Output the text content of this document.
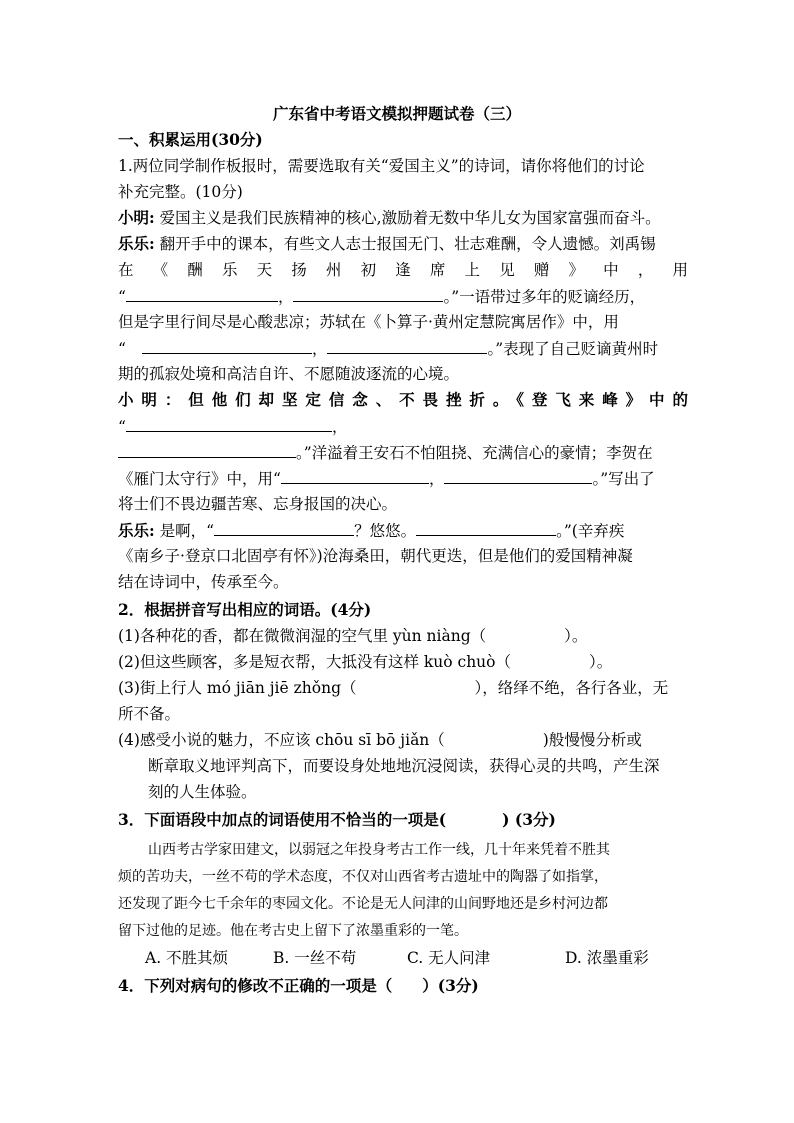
广东省中考语文模拟押题试卷（三）
一、积累运用(30分)
1.两位同学制作板报时，需要选取有关“爱国主义”的诗词，请你将他们的讨论
补充完整。(10分)
小明: 爱国主义是我们民族精神的核心,激励着无数中华儿女为国家富强而奋斗。
乐乐: 翻开手中的课本，有些文人志士报国无门、壮志难酬，令人遗憾。刘禹锡
在《酬乐天扬州初逢席上见赠》中，用
“	，	。”一语带过多年的贬谪经历，
但是字里行间尽是心酸悲凉；苏轼在《卜算子·黄州定慧院寓居作》中，用
“	，	。”表现了自己贬谪黄州时
期的孤寂处境和高洁自许、不愿随波逐流的心境。
小明：但他们却坚定信念、不畏挫折。《登飞来峰》中的
“	，
。”洋溢着王安石不怕阻挠、充满信心的豪情；李贺在
《雁门太守行》中，用“	，	。”写出了
将士们不畏边疆苦寒、忘身报国的决心。
乐乐: 是啊，“	？悠悠。	。”(辛弃疾
《南乡子·登京口北固亭有怀》)沧海桑田，朝代更迭，但是他们的爱国精神凝
结在诗词中，传承至今。
2．根据拼音写出相应的词语。(4分)
(1)各种花的香，都在微微润湿的空气里 yùn niàng（	）。
(2)但这些顾客，多是短衣帮，大抵没有这样 kuò chuò（	）。
(3)街上行人 mó jiān jiē zhǒng（	），络绎不绝，各行各业，无
所不备。
(4)感受小说的魅力，不应该 chōu sī bō jiǎn（	)般慢慢分析或
断章取义地评判高下，而要设身处地地沉浸阅读，获得心灵的共鸣，产生深
刻的人生体验。
3．下面语段中加点的词语使用不恰当的一项是(	) (3分)
山西考古学家田建文，以弱冠之年投身考古工作一线，几十年来凭着不胜其
烦的苦功夫，一丝不苟的学术态度，不仅对山西省考古遗址中的陶器了如指掌，
还发现了距今七千余年的枣园文化。不论是无人问津的山间野地还是乡村河边都
留下过他的足迹。他在考古史上留下了浓墨重彩的一笔。
A. 不胜其烦	B. 一丝不苟	C. 无人问津	D. 浓墨重彩
4．下列对病句的修改不正确的一项是（ ）(3分)
